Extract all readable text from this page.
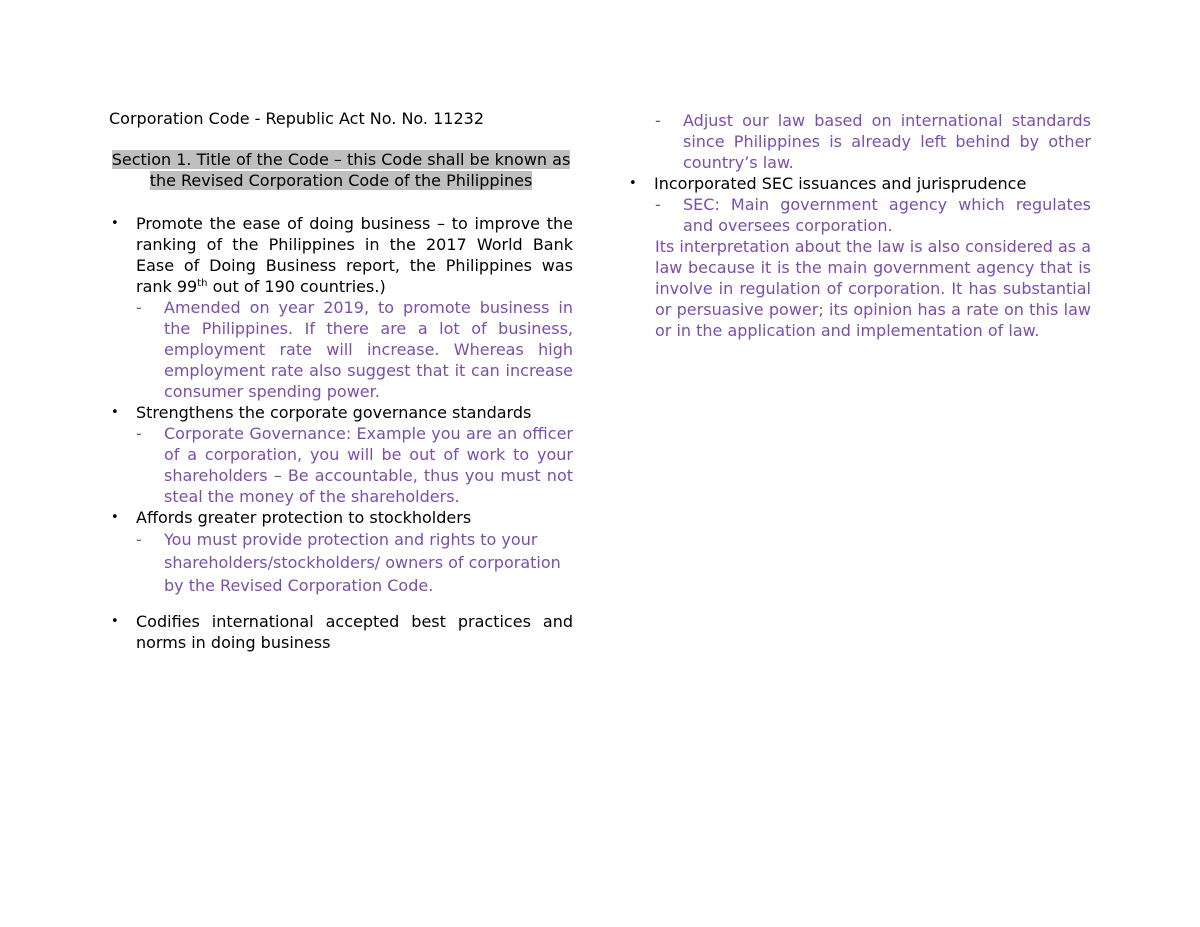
Corporation Code - Republic Act No. No. 11232

Section 1. Title of the Code – this Code shall be known as the Revised Corporation Code of the Philippines

• Promote the ease of doing business – to improve the ranking of the Philippines in the 2017 World Bank Ease of Doing Business report, the Philippines was rank 99th out of 190 countries.)
- Amended on year 2019, to promote business in the Philippines. If there are a lot of business, employment rate will increase. Whereas high employment rate also suggest that it can increase consumer spending power.
• Strengthens the corporate governance standards
- Corporate Governance: Example you are an officer of a corporation, you will be out of work to your shareholders – Be accountable, thus you must not steal the money of the shareholders.
• Affords greater protection to stockholders
- You must provide protection and rights to your shareholders/stockholders/ owners of corporation by the Revised Corporation Code.
• Codifies international accepted best practices and norms in doing business
- Adjust our law based on international standards since Philippines is already left behind by other country’s law.
• Incorporated SEC issuances and jurisprudence
- SEC: Main government agency which regulates and oversees corporation.

Its interpretation about the law is also considered as a law because it is the main government agency that is involve in regulation of corporation. It has substantial or persuasive power; its opinion has a rate on this law or in the application and implementation of law.
